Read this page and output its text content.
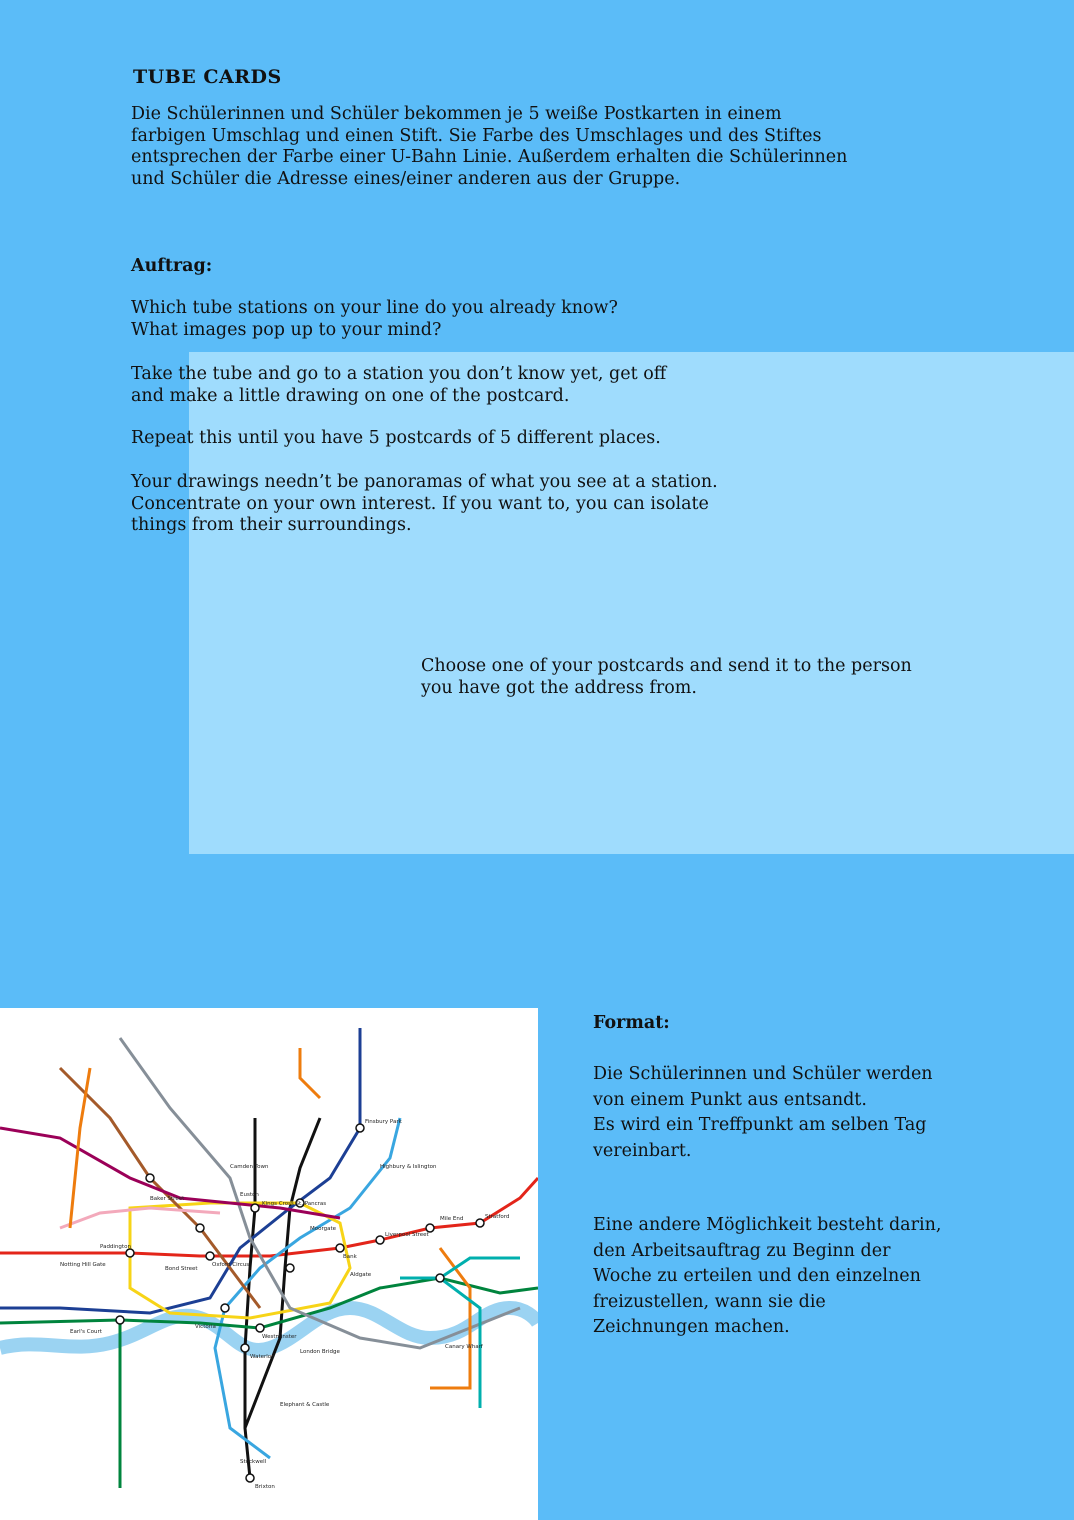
TUBE CARDS
Die Schülerinnen und Schüler bekommen je 5 weiße Postkarten in einem
farbigen Umschlag und einen Stift. Sie Farbe des Umschlages und des Stiftes
entsprechen der Farbe einer U-Bahn Linie. Außerdem erhalten die Schülerinnen
und Schüler die Adresse eines/einer anderen aus der Gruppe.
Auftrag:
Which tube stations on your line do you already know?
What images pop up to your mind?
Take the tube and go to a station you don’t know yet, get off
and make a little drawing on one of the postcard.
Repeat this until you have 5 postcards of 5 different places.
Your drawings needn’t be panoramas of what you see at a station.
Concentrate on your own interest. If you want to, you can isolate
things from their surroundings.
Choose one of your postcards and send it to the person
you have got the address from.
Format:
Die Schülerinnen und Schüler werden
von einem Punkt aus entsandt.
Es wird ein Treffpunkt am selben Tag
vereinbart.
Eine andere Möglichkeit besteht darin,
den Arbeitsauftrag zu Beginn der
Woche zu erteilen und den einzelnen
freizustellen, wann sie die
Zeichnungen machen.
Kings Cross St. Pancras
Euston
Baker Street
Oxford Circus
Bank
Liverpool Street
Waterloo
London Bridge
Paddington
Victoria
Westminster
Stratford
Camden Town
Aldgate
Moorgate
Elephant & Castle
Brixton
Stockwell
Finsbury Park
Highbury & Islington
Bond Street
Notting Hill Gate
Earl's Court
Canary Wharf
Mile End
